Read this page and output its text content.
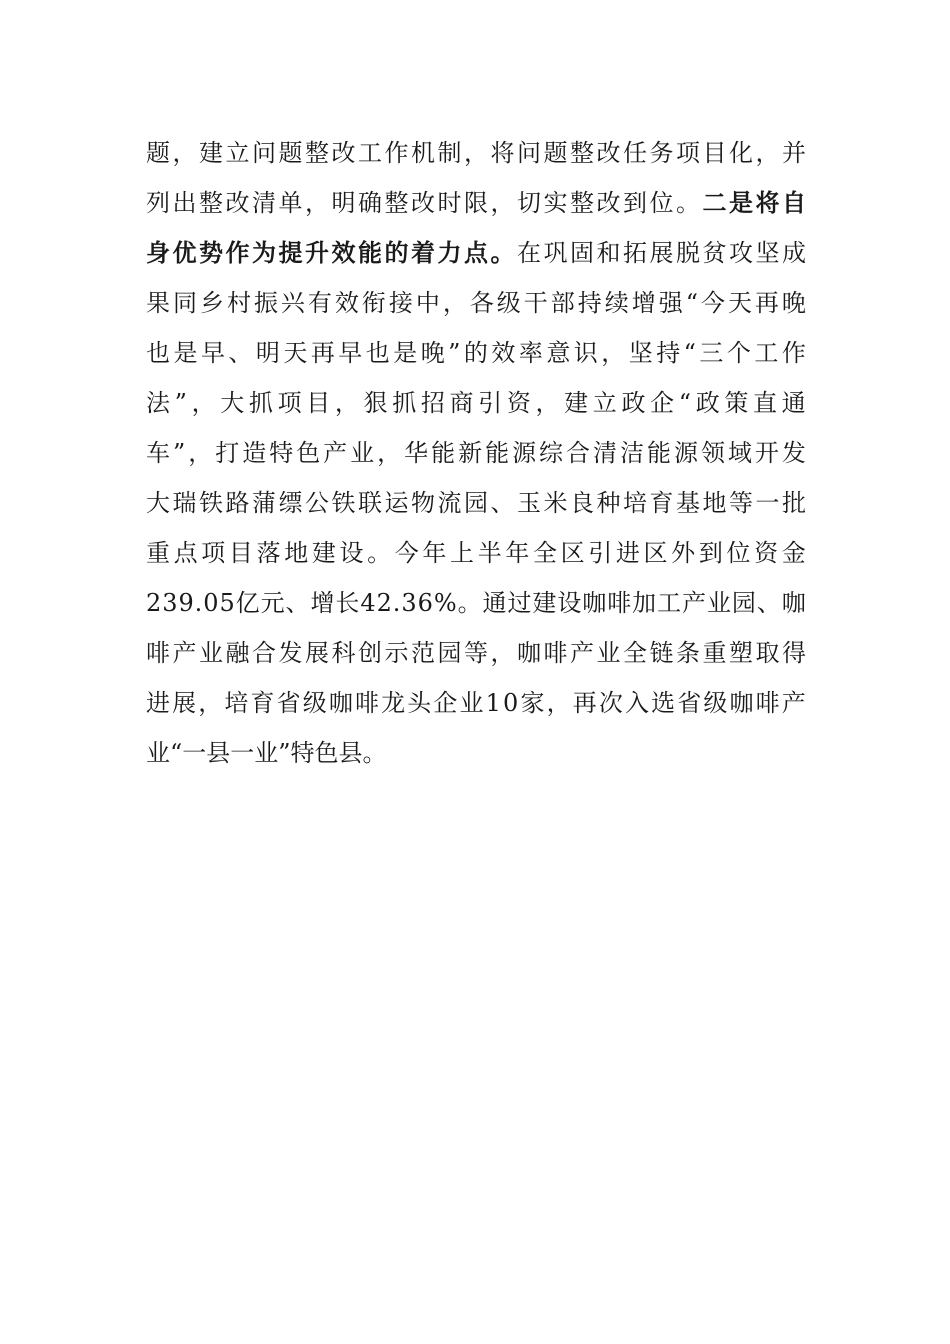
题 ， 建 立 问 题 整 改 工 作 机 制 ， 将 问 题 整 改 任 务 项 目 化 ， 并
列 出 整 改 清 单 ， 明 确 整 改 时 限 ， 切 实 整 改 到 位 。 二 是 将 自
身 优 势 作 为 提 升 效 能 的 着 力 点 。 在 巩 固 和 拓 展 脱 贫 攻 坚 成
果 同 乡 村 振 兴 有 效 衔 接 中 ， 各 级 干 部 持 续 增 强 “ 今 天 再 晚
也 是 早 、 明 天 再 早 也 是 晚 ” 的 效 率 意 识 ， 坚 持 “ 三 个 工 作
法 ” ， 大 抓 项 目 ， 狠 抓 招 商 引 资 ， 建 立 政 企 “ 政 策 直 通
车 ” ， 打 造 特 色 产 业 ， 华 能 新 能 源 综 合 清 洁 能 源 领 域 开 发
大 瑞 铁 路 蒲 缥 公 铁 联 运 物 流 园 、 玉 米 良 种 培 育 基 地 等 一 批
重 点 项 目 落 地 建 设 。 今 年 上 半 年 全 区 引 进 区 外 到 位 资 金
2 3 9 . 0 5 亿 元 、 增 长 4 2 . 3 6 % 。 通 过 建 设 咖 啡 加 工 产 业 园 、 咖
啡 产 业 融 合 发 展 科 创 示 范 园 等 ， 咖 啡 产 业 全 链 条 重 塑 取 得
进 展 ， 培 育 省 级 咖 啡 龙 头 企 业 1 0 家 ， 再 次 入 选 省 级 咖 啡 产
业“一县一业”特色县。
